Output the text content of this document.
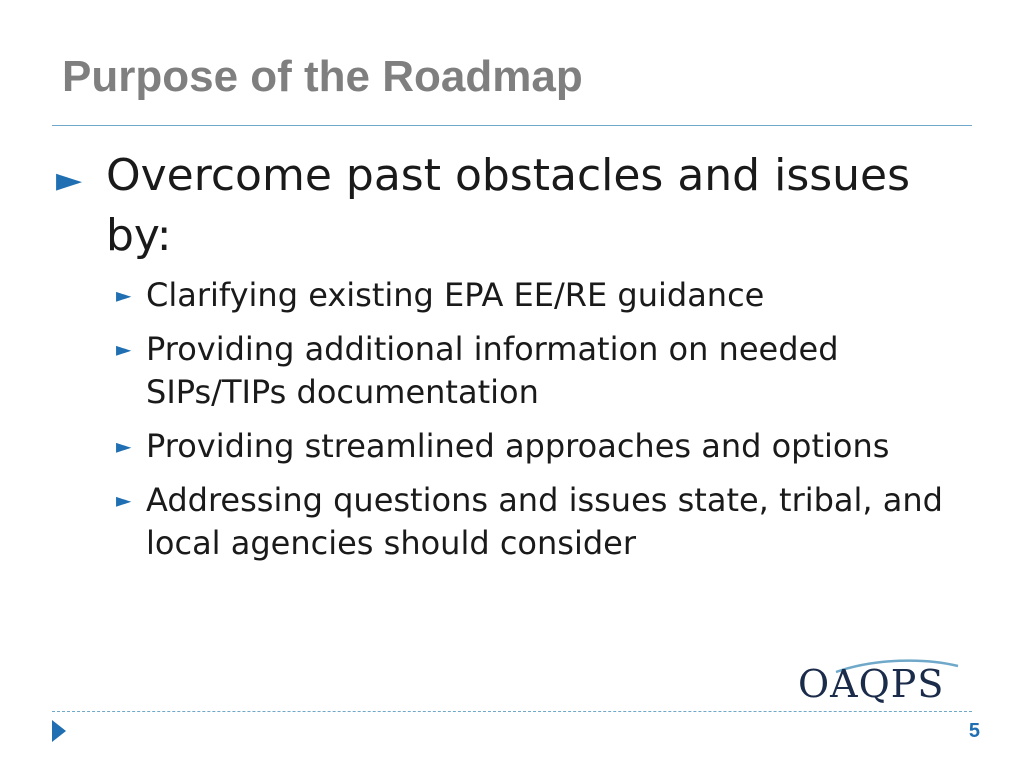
Purpose of the Roadmap
► Overcome past obstacles and issues by:
► Clarifying existing EPA EE/RE guidance
► Providing additional information on needed SIPs/TIPs documentation
► Providing streamlined approaches and options
► Addressing questions and issues state, tribal, and local agencies should consider
OAQPS
5
